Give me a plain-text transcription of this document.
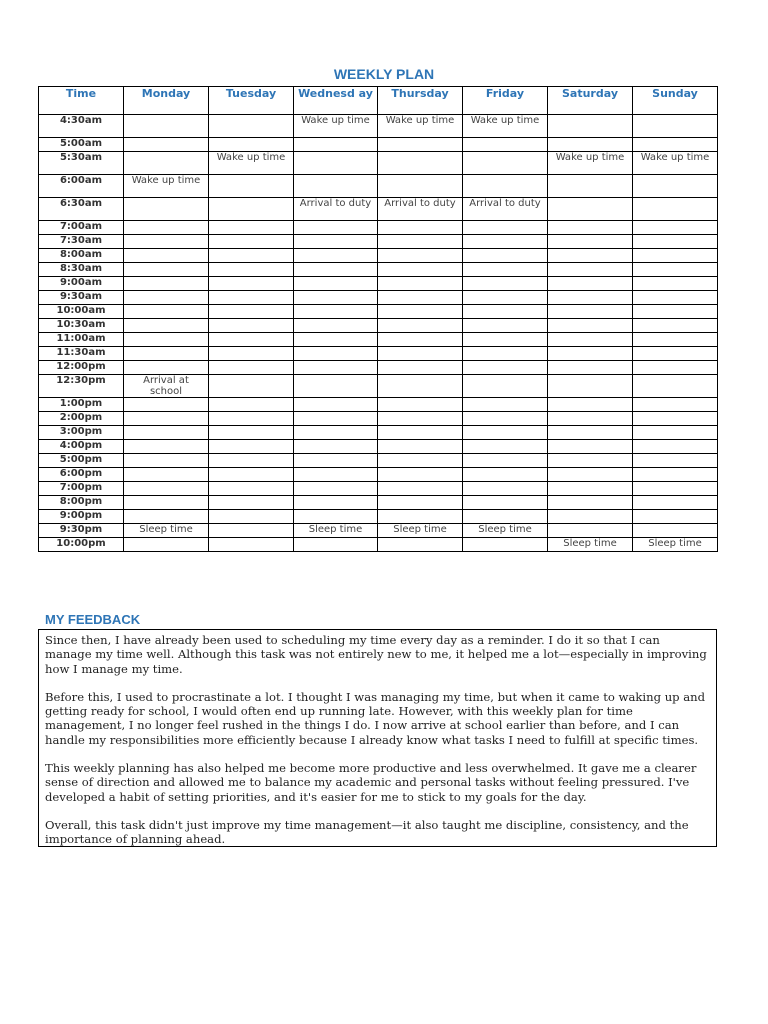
WEEKLY PLAN
Time	Monday	Tuesday	Wednesd ay	Thursday	Friday	Saturday	Sunday
4:30am			Wake up time	Wake up time	Wake up time		
5:00am							
5:30am		Wake up time				Wake up time	Wake up time
6:00am	Wake up time						
6:30am			Arrival to duty	Arrival to duty	Arrival to duty		
7:00am							
7:30am							
8:00am							
8:30am							
9:00am							
9:30am							
10:00am							
10:30am							
11:00am							
11:30am							
12:00pm							
12:30pm	Arrival at school						
1:00pm							
2:00pm							
3:00pm							
4:00pm							
5:00pm							
6:00pm							
7:00pm							
8:00pm							
9:00pm							
9:30pm	Sleep time		Sleep time	Sleep time	Sleep time		
10:00pm						Sleep time	Sleep time
MY FEEDBACK

Since then, I have already been used to scheduling my time every day as a reminder. I do it so that I can manage my time well. Although this task was not entirely new to me, it helped me a lot—especially in improving how I manage my time.

Before this, I used to procrastinate a lot. I thought I was managing my time, but when it came to waking up and getting ready for school, I would often end up running late. However, with this weekly plan for time management, I no longer feel rushed in the things I do. I now arrive at school earlier than before, and I can handle my responsibilities more efficiently because I already know what tasks I need to fulfill at specific times.

This weekly planning has also helped me become more productive and less overwhelmed. It gave me a clearer sense of direction and allowed me to balance my academic and personal tasks without feeling pressured. I've developed a habit of setting priorities, and it's easier for me to stick to my goals for the day.

Overall, this task didn't just improve my time management—it also taught me discipline, consistency, and the importance of planning ahead.
